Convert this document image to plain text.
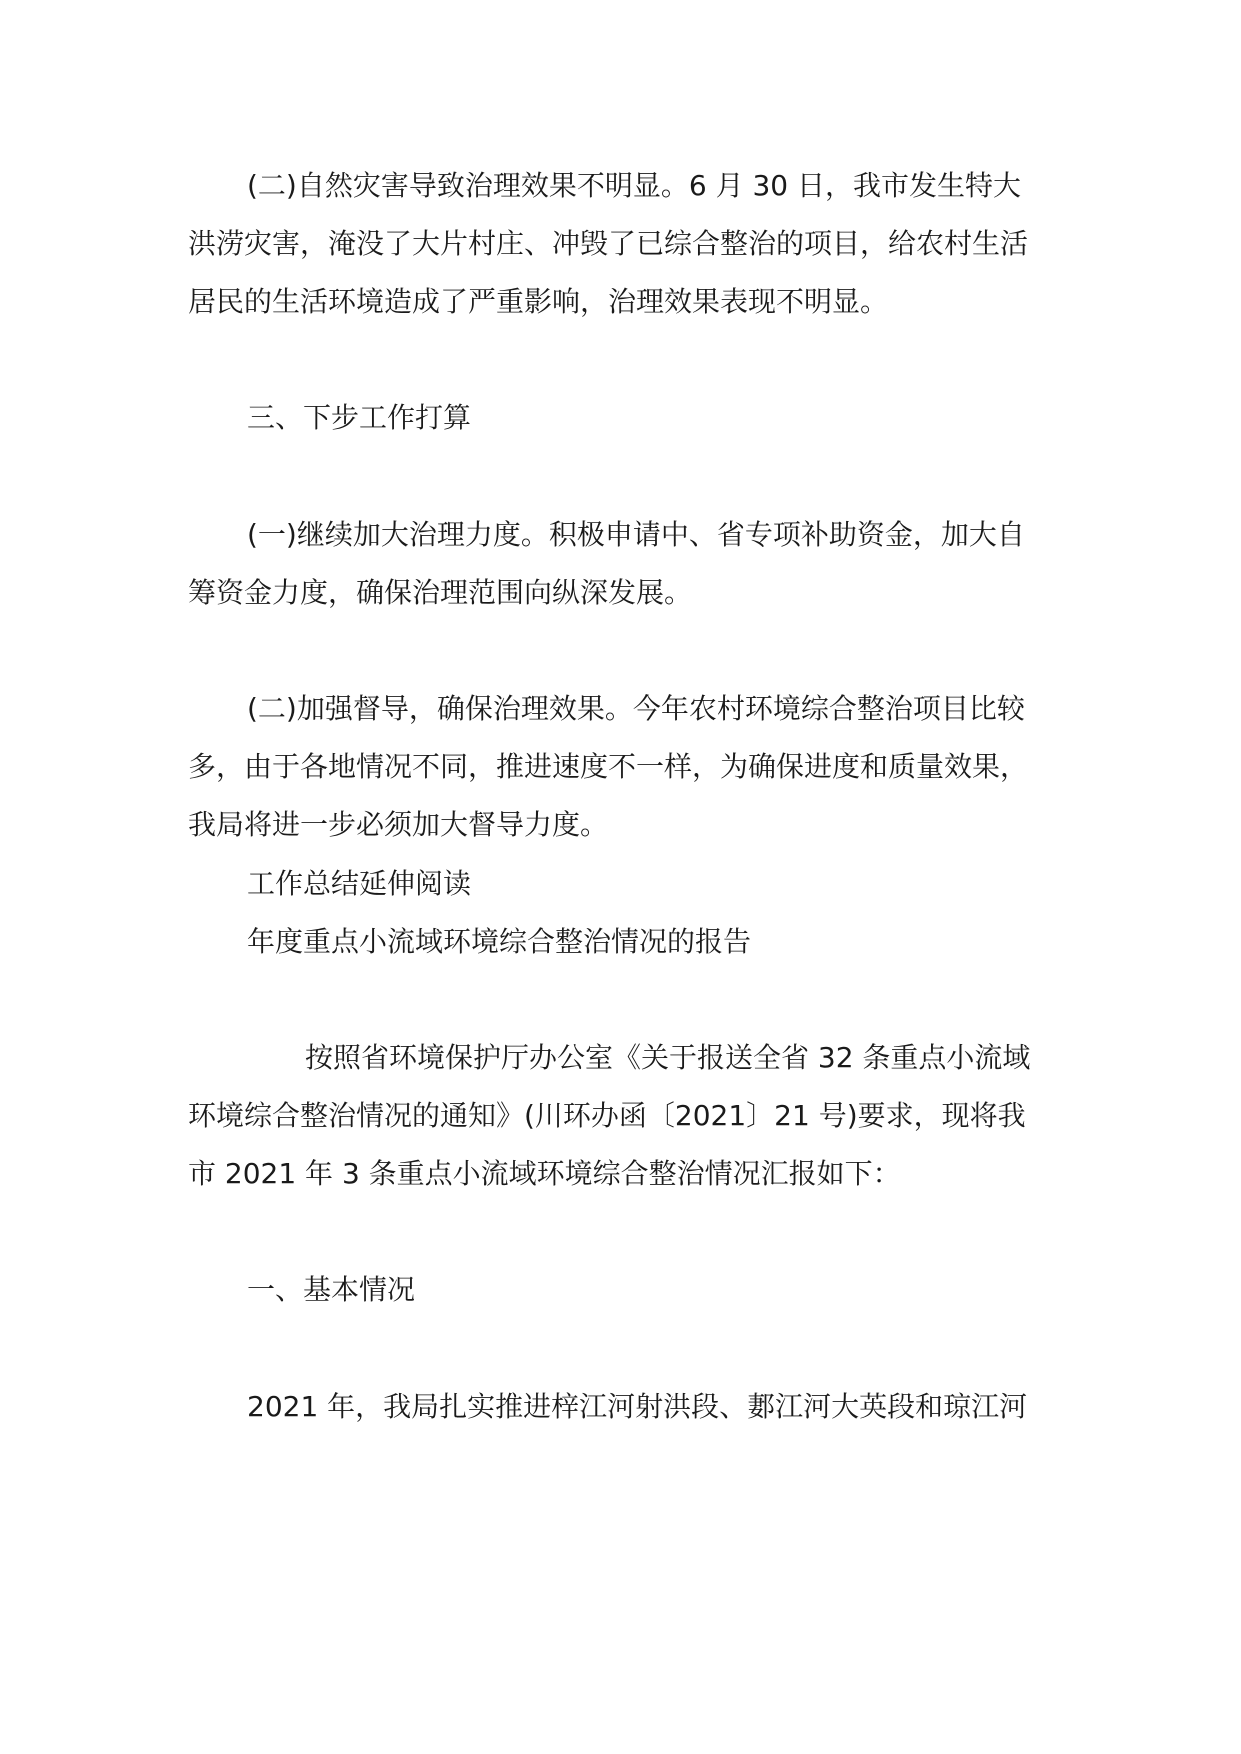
(二)自然灾害导致治理效果不明显。6 月 30 日，我市发生特大
洪涝灾害，淹没了大片村庄、冲毁了已综合整治的项目，给农村生活
居民的生活环境造成了严重影响，治理效果表现不明显。
三、下步工作打算
(一)继续加大治理力度。积极申请中、省专项补助资金，加大自
筹资金力度，确保治理范围向纵深发展。
(二)加强督导，确保治理效果。今年农村环境综合整治项目比较
多，由于各地情况不同，推进速度不一样，为确保进度和质量效果，
我局将进一步必须加大督导力度。
工作总结延伸阅读
年度重点小流域环境综合整治情况的报告
按照省环境保护厅办公室《关于报送全省 32 条重点小流域
环境综合整治情况的通知》(川环办函〔2021〕21 号)要求，现将我
市 2021 年 3 条重点小流域环境综合整治情况汇报如下：
一、基本情况
2021 年，我局扎实推进梓江河射洪段、郪江河大英段和琼江河
